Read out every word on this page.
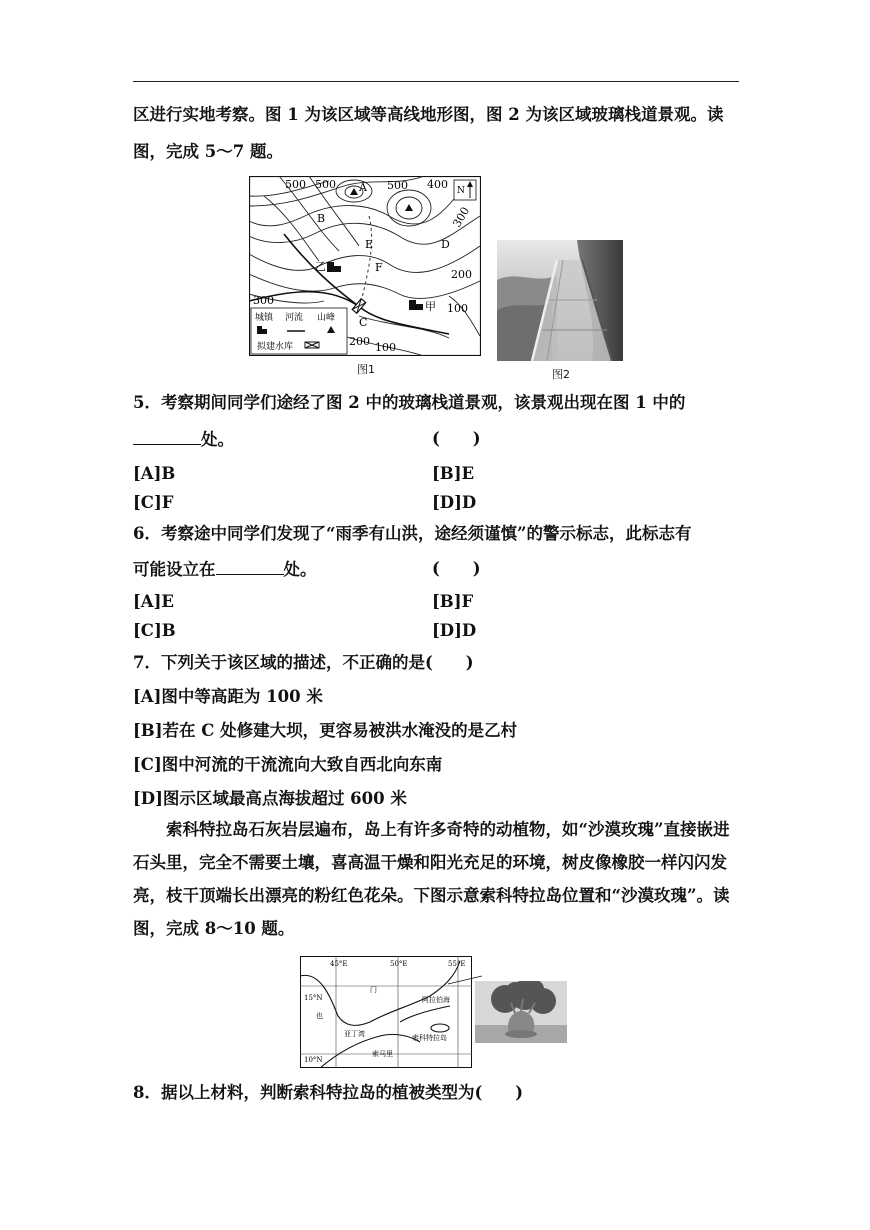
区进行实地考察。图 1 为该区域等高线地形图，图 2 为该区域玻璃栈道景观。读
图，完成 5～7 题。
N
500 500	500 400
300
200
100
300
200 100
A
B
E
F
D
C
乙
甲
城镇 河流 山峰
拟建水库
图1	图2
5．考察期间同学们途经了图 2 中的玻璃栈道景观，该景观出现在图 1 中的
处。	(　　)
[A]B	[B]E
[C]F	[D]D
6．考察途中同学们发现了“雨季有山洪，途经须谨慎”的警示标志，此标志有
可能设立在	处。	(　　)
[A]E	[B]F
[C]B	[D]D
7．下列关于该区域的描述，不正确的是(　　)
[A]图中等高距为 100 米
[B]若在 C 处修建大坝，更容易被洪水淹没的是乙村
[C]图中河流的干流流向大致自西北向东南
[D]图示区域最高点海拔超过 600 米

索科特拉岛石灰岩层遍布，岛上有许多奇特的动植物，如“沙漠玫瑰”直接嵌进石头里，完全不需要土壤，喜高温干燥和阳光充足的环境，树皮像橡胶一样闪闪发亮，枝干顶端长出漂亮的粉红色花朵。下图示意索科特拉岛位置和“沙漠玫瑰”。读图，完成 8～10 题。

45°E	50°E	55°E
15°N
10°N
门
也
阿拉伯海
亚丁湾	索科特拉岛
索马里
8．据以上材料，判断索科特拉岛的植被类型为(　　)
